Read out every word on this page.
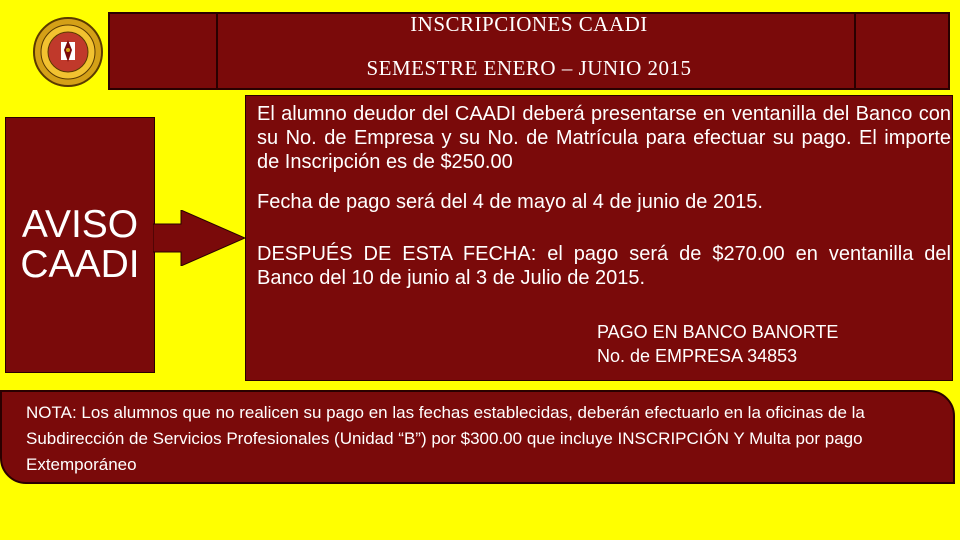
INSCRIPCIONES CAADI
SEMESTRE ENERO – JUNIO 2015
AVISO
CAADI

El alumno deudor del CAADI deberá presentarse en ventanilla del Banco con su No. de Empresa y su No. de Matrícula para efectuar su pago. El importe de Inscripción es de $250.00

Fecha de pago será del 4 de mayo al 4 de junio de 2015.

DESPUÉS DE ESTA FECHA: el pago será de $270.00 en ventanilla del Banco del 10 de junio al 3 de Julio de 2015.

PAGO EN BANCO BANORTE
No. de EMPRESA 34853

NOTA: Los alumnos que no realicen su pago en las fechas establecidas, deberán efectuarlo en la oficinas de la Subdirección de Servicios Profesionales (Unidad “B”) por $300.00 que incluye INSCRIPCIÓN Y Multa por pago Extemporáneo
